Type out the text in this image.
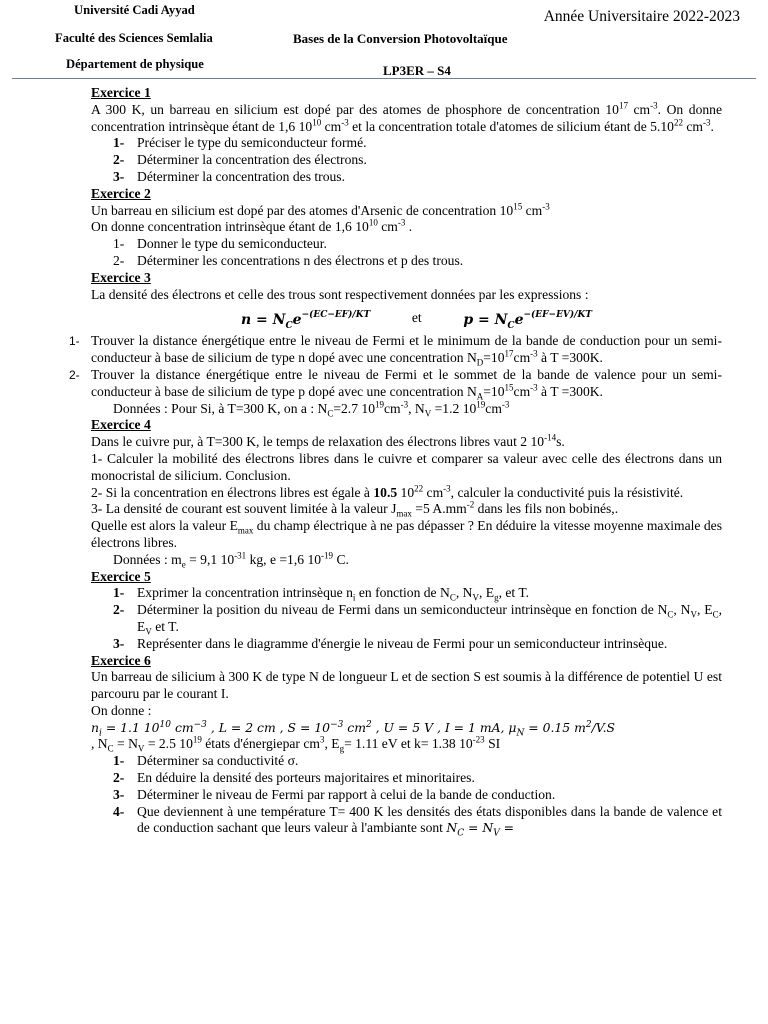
Université Cadi Ayyad
Faculté des Sciences Semlalia
Département de physique
Année Universitaire 2022-2023
Bases de la Conversion Photovoltaïque
LP3ER – S4
Exercice 1

A 300 K, un barreau en silicium est dopé par des atomes de phosphore de concentration $10^{17}$ $cm^{-3}$. On donne concentration intrinsèque étant de 1,6 $10^{10}$ $cm^{-3}$ et la concentration totale d'atomes de silicium étant de 5.10$^{22}$ $cm^{-3}$.

1- Préciser le type du semiconducteur formé.
2- Déterminer la concentration des électrons.
3- Déterminer la concentration des trous.
Exercice 2

Un barreau en silicium est dopé par des atomes d'Arsenic de concentration $10^{15}$ $cm^{-3}$

On donne concentration intrinsèque étant de 1,6 $10^{10}$ $cm^{-3}$ .

1- Donner le type du semiconducteur.
2- Déterminer les concentrations n des électrons et p des trous.
Exercice 3

La densité des électrons et celle des trous sont respectivement données par les expressions :

$n = N_Ce^{-(EC-EF)/KT}$	et	$p = N_Ce^{-(EF-EV)/KT}$
1- Trouver la distance énergétique entre le niveau de Fermi et le minimum de la bande de conduction pour un semi-conducteur à base de silicium de type n dopé avec une concentration $N_D=10^{17}cm^{-3}$ à T =300K.
2- Trouver la distance énergétique entre le niveau de Fermi et le sommet de la bande de valence pour un semi-conducteur à base de silicium de type p dopé avec une concentration $N_A=10^{15}cm^{-3}$ à T =300K.

Données : Pour Si, à T=300 K, on a : $N_C=2.7$ $10^{19}cm^{-3}$, $N_V =1.2$ $10^{19}cm^{-3}$

Exercice 4

Dans le cuivre pur, à T=300 K, le temps de relaxation des électrons libres vaut 2 $10^{-14}s$.

1- Calculer la mobilité des électrons libres dans le cuivre et comparer sa valeur avec celle des électrons dans un monocristal de silicium. Conclusion.

2- Si la concentration en électrons libres est égale à 10.5 $10^{22}$ $cm^{-3}$, calculer la conductivité puis la résistivité.

3- La densité de courant est souvent limitée à la valeur $J_{max} =5$ $A.mm^{-2}$ dans les fils non bobinés,.
Quelle est alors la valeur $E_{max}$ du champ électrique à ne pas dépasser ? En déduire la vitesse moyenne maximale des électrons libres.

Données : $m_e = 9,1$ $10^{-31}$ kg, e =1,6 $10^{-19}$ C.

Exercice 5
1- Exprimer la concentration intrinsèque $n_i$ en fonction de $N_C$, $N_V$, $E_g$, et T.
2- Déterminer la position du niveau de Fermi dans un semiconducteur intrinsèque en fonction de $N_C$, $N_V$, $E_C$, $E_V$ et T.
3- Représenter dans le diagramme d'énergie le niveau de Fermi pour un semiconducteur intrinsèque.
Exercice 6

Un barreau de silicium à 300 K de type N de longueur L et de section S est soumis à la différence de potentiel U est parcouru par le courant I.

On donne :

$n_i = 1.1$ $10^{10}$ $cm^{-3}$ , L = 2 cm , $S = 10^{-3}$ $cm^2$ , U = 5 V , I = 1 mA, $\mu_N = 0.15$ $m^2/V.S$

, $N_C = N_V = 2.5$ $10^{19}$ états d'énergiepar $cm^3$, $E_g= 1.11$ eV et k= 1.38 $10^{-23}$ SI

1- Déterminer sa conductivité σ.
2- En déduire la densité des porteurs majoritaires et minoritaires.
3- Déterminer le niveau de Fermi par rapport à celui de la bande de conduction.
4- Que deviennent à une température T= 400 K les densités des états disponibles dans la bande de valence et de conduction sachant que leurs valeur à l'ambiante sont $N_C = N_V$ =
